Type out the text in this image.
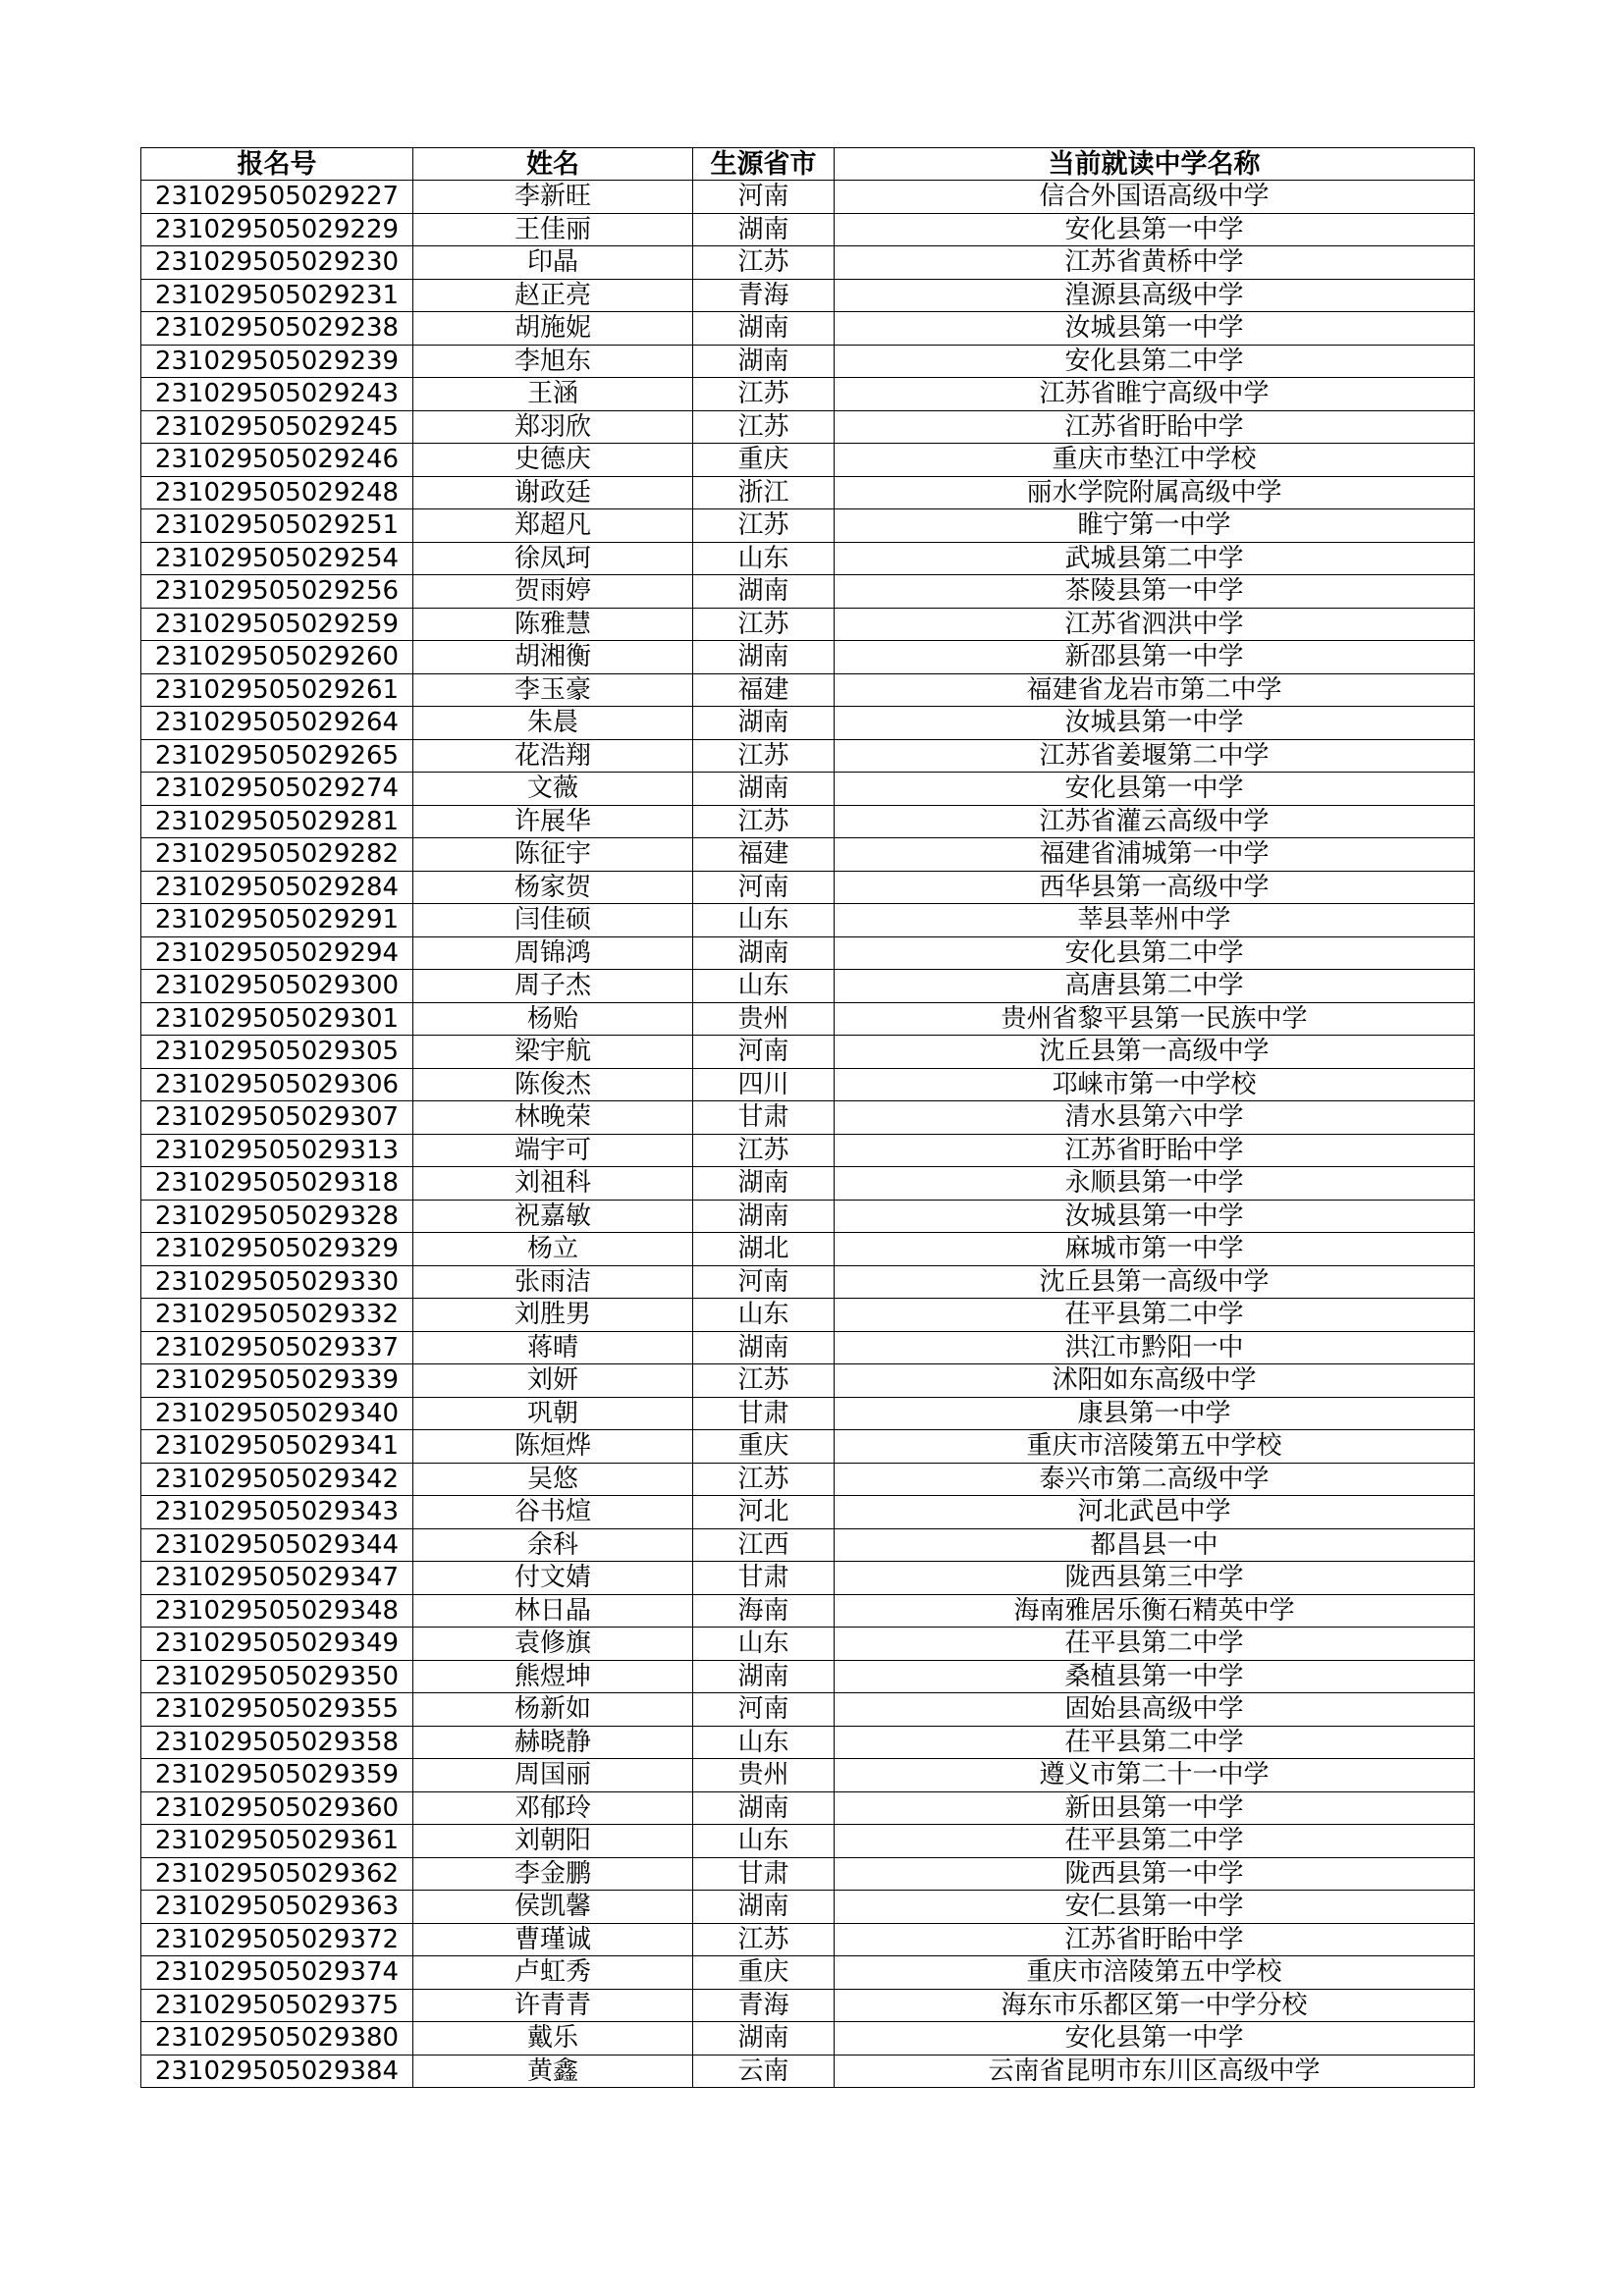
报名号	姓名	生源省市	当前就读中学名称
231029505029227	李新旺	河南	信合外国语高级中学
231029505029229	王佳丽	湖南	安化县第一中学
231029505029230	印晶	江苏	江苏省黄桥中学
231029505029231	赵正亮	青海	湟源县高级中学
231029505029238	胡施妮	湖南	汝城县第一中学
231029505029239	李旭东	湖南	安化县第二中学
231029505029243	王涵	江苏	江苏省睢宁高级中学
231029505029245	郑羽欣	江苏	江苏省盱眙中学
231029505029246	史德庆	重庆	重庆市垫江中学校
231029505029248	谢政廷	浙江	丽水学院附属高级中学
231029505029251	郑超凡	江苏	睢宁第一中学
231029505029254	徐凤珂	山东	武城县第二中学
231029505029256	贺雨婷	湖南	茶陵县第一中学
231029505029259	陈雅慧	江苏	江苏省泗洪中学
231029505029260	胡湘衡	湖南	新邵县第一中学
231029505029261	李玉豪	福建	福建省龙岩市第二中学
231029505029264	朱晨	湖南	汝城县第一中学
231029505029265	花浩翔	江苏	江苏省姜堰第二中学
231029505029274	文薇	湖南	安化县第一中学
231029505029281	许展华	江苏	江苏省灌云高级中学
231029505029282	陈征宇	福建	福建省浦城第一中学
231029505029284	杨家贺	河南	西华县第一高级中学
231029505029291	闫佳硕	山东	莘县莘州中学
231029505029294	周锦鸿	湖南	安化县第二中学
231029505029300	周子杰	山东	高唐县第二中学
231029505029301	杨贻	贵州	贵州省黎平县第一民族中学
231029505029305	梁宇航	河南	沈丘县第一高级中学
231029505029306	陈俊杰	四川	邛崃市第一中学校
231029505029307	林晚荣	甘肃	清水县第六中学
231029505029313	端宇可	江苏	江苏省盱眙中学
231029505029318	刘祖科	湖南	永顺县第一中学
231029505029328	祝嘉敏	湖南	汝城县第一中学
231029505029329	杨立	湖北	麻城市第一中学
231029505029330	张雨洁	河南	沈丘县第一高级中学
231029505029332	刘胜男	山东	茌平县第二中学
231029505029337	蒋晴	湖南	洪江市黔阳一中
231029505029339	刘妍	江苏	沭阳如东高级中学
231029505029340	巩朝	甘肃	康县第一中学
231029505029341	陈烜烨	重庆	重庆市涪陵第五中学校
231029505029342	吴悠	江苏	泰兴市第二高级中学
231029505029343	谷书煊	河北	河北武邑中学
231029505029344	余科	江西	都昌县一中
231029505029347	付文婧	甘肃	陇西县第三中学
231029505029348	林日晶	海南	海南雅居乐衡石精英中学
231029505029349	袁修旗	山东	茌平县第二中学
231029505029350	熊煜坤	湖南	桑植县第一中学
231029505029355	杨新如	河南	固始县高级中学
231029505029358	赫晓静	山东	茌平县第二中学
231029505029359	周国丽	贵州	遵义市第二十一中学
231029505029360	邓郁玲	湖南	新田县第一中学
231029505029361	刘朝阳	山东	茌平县第二中学
231029505029362	李金鹏	甘肃	陇西县第一中学
231029505029363	侯凯馨	湖南	安仁县第一中学
231029505029372	曹瑾诚	江苏	江苏省盱眙中学
231029505029374	卢虹秀	重庆	重庆市涪陵第五中学校
231029505029375	许青青	青海	海东市乐都区第一中学分校
231029505029380	戴乐	湖南	安化县第一中学
231029505029384	黄鑫	云南	云南省昆明市东川区高级中学
